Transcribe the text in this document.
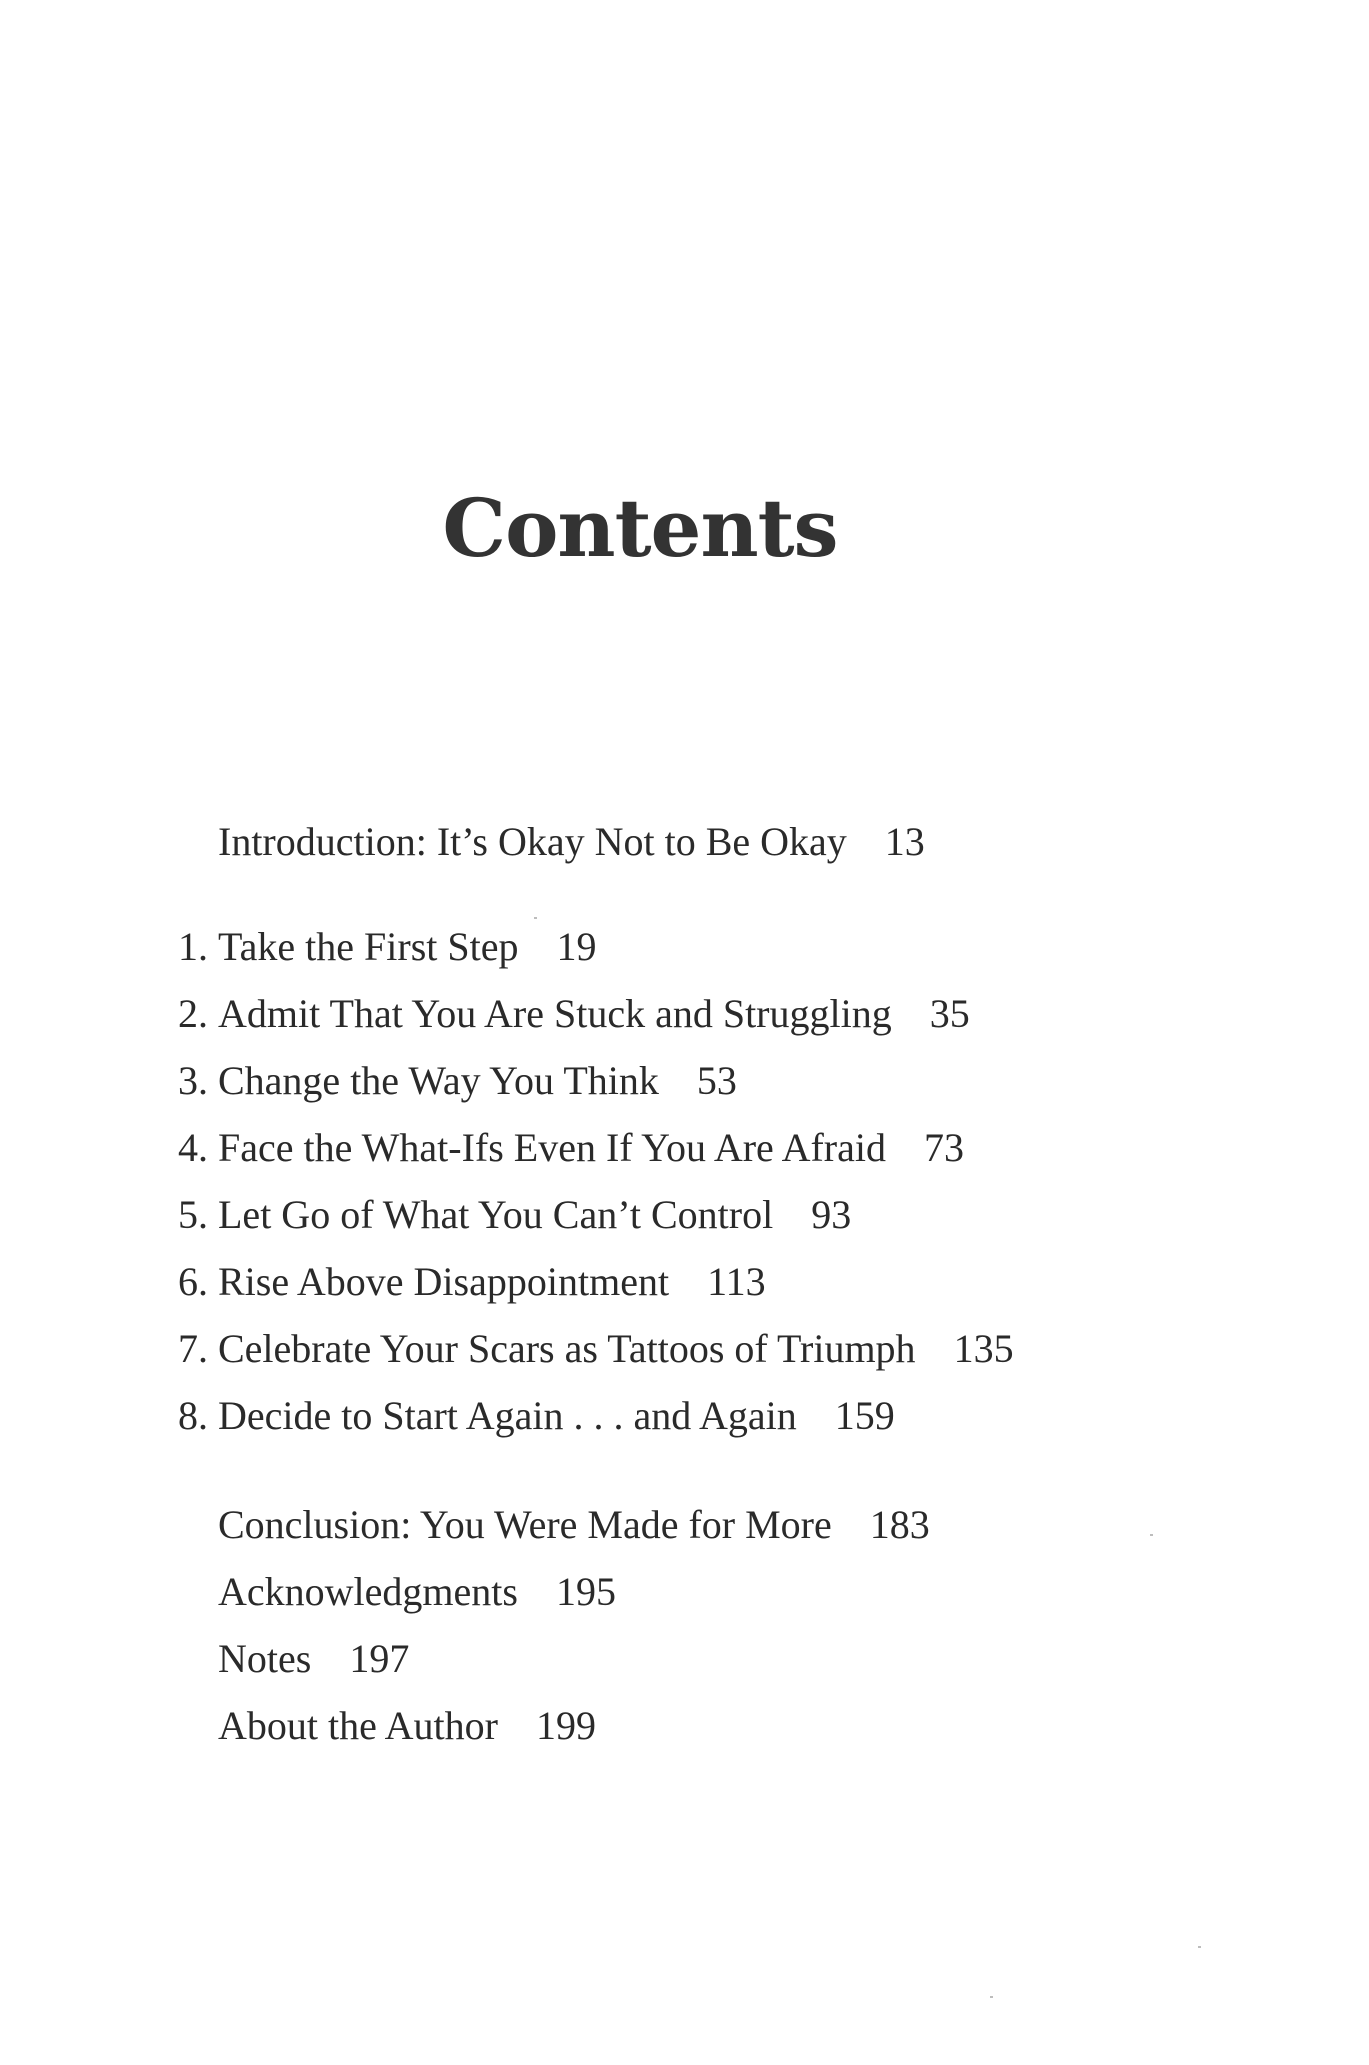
Contents
Introduction: It’s Okay Not to Be Okay 13
1. Take the First Step 19
2. Admit That You Are Stuck and Struggling 35
3. Change the Way You Think 53
4. Face the What-Ifs Even If You Are Afraid 73
5. Let Go of What You Can’t Control 93
6. Rise Above Disappointment 113
7. Celebrate Your Scars as Tattoos of Triumph 135
8. Decide to Start Again . . . and Again 159
Conclusion: You Were Made for More 183
Acknowledgments 195
Notes 197
About the Author 199
